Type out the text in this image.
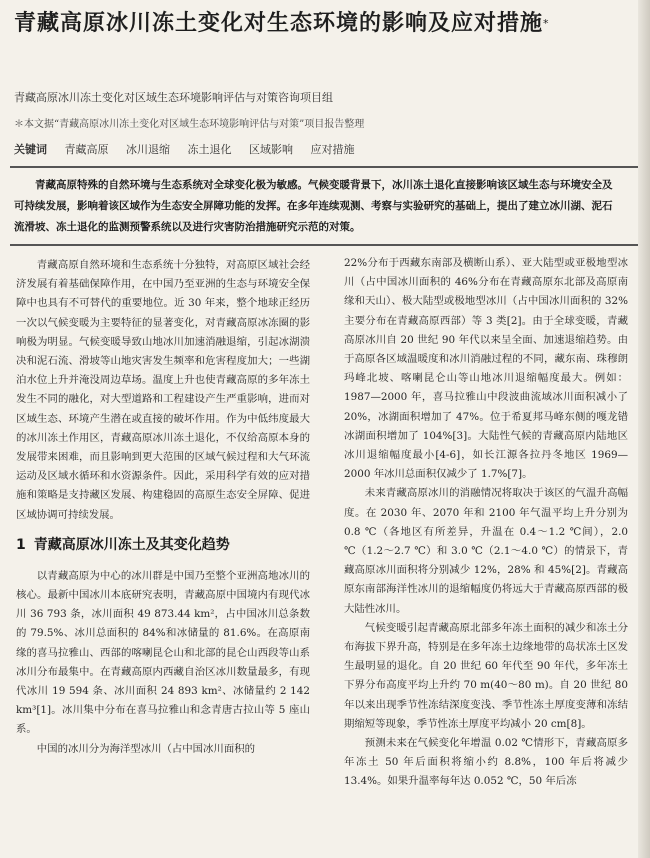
青藏高原冰川冻土变化对生态环境的影响及应对措施*
青藏高原冰川冻土变化对区域生态环境影响评估与对策咨询项目组
＊本文据“青藏高原冰川冻土变化对区域生态环境影响评估与对策”项目报告整理
关键词 青藏高原 冰川退缩 冻土退化 区域影响 应对措施
青藏高原特殊的自然环境与生态系统对全球变化极为敏感。气候变暖背景下，冰川冻土退化直接影响该区域生态与环境安全及可持续发展，影响着该区域作为生态安全屏障功能的发挥。在多年连续观测、考察与实验研究的基础上，提出了建立冰川湖、泥石流滑坡、冻土退化的监测预警系统以及进行灾害防治措施研究示范的对策。

青藏高原自然环境和生态系统十分独特，对高原区域社会经济发展有着基础保障作用，在中国乃至亚洲的生态与环境安全保障中也具有不可替代的重要地位。近 30 年来，整个地球正经历一次以气候变暖为主要特征的显著变化，对青藏高原冰冻圈的影响极为明显。气候变暖导致山地冰川加速消融退缩，引起冰湖溃决和泥石流、滑坡等山地灾害发生频率和危害程度加大；一些湖泊水位上升并淹没周边草场。温度上升也使青藏高原的多年冻土发生不同的融化，对大型道路和工程建设产生严重影响，进而对区域生态、环境产生潜在或直接的破坏作用。作为中低纬度最大的冰川冻土作用区，青藏高原冰川冻土退化，不仅给高原本身的发展带来困难，而且影响到更大范围的区域气候过程和大气环流运动及区域水循环和水资源条件。因此，采用科学有效的应对措施和策略是支持藏区发展、构建稳固的高原生态安全屏障、促进区域协调可持续发展。

1 青藏高原冰川冻土及其变化趋势

以青藏高原为中心的冰川群是中国乃至整个亚洲高地冰川的核心。最新中国冰川本底研究表明，青藏高原中国境内有现代冰川 36 793 条，冰川面积 49 873.44 km²，占中国冰川总条数的 79.5%、冰川总面积的 84%和冰储量的 81.6%。在高原南缘的喜马拉雅山、西部的喀喇昆仑山和北部的昆仑山西段等山系冰川分布最集中。在青藏高原内西藏自治区冰川数量最多，有现代冰川 19 594 条、冰川面积 24 893 km²、冰储量约 2 142 km³[1]。冰川集中分布在喜马拉雅山和念青唐古拉山等 5 座山系。

中国的冰川分为海洋型冰川（占中国冰川面积的

22%分布于西藏东南部及横断山系）、亚大陆型或亚极地型冰川（占中国冰川面积的 46%分布在青藏高原东北部及高原南缘和天山）、极大陆型或极地型冰川（占中国冰川面积的 32%主要分布在青藏高原西部）等 3 类[2]。由于全球变暖，青藏高原冰川自 20 世纪 90 年代以来呈全面、加速退缩趋势。由于高原各区域温暖度和冰川消融过程的不同，藏东南、珠穆朗玛峰北坡、喀喇昆仑山等山地冰川退缩幅度最大。例如：1987—2000 年，喜马拉雅山中段波曲流域冰川面积减小了 20%，冰湖面积增加了 47%。位于希夏邦马峰东侧的嘎龙错冰湖面积增加了 104%[3]。大陆性气候的青藏高原内陆地区冰川退缩幅度最小[4-6]，如长江源各拉丹冬地区 1969—2000 年冰川总面积仅减少了 1.7%[7]。

未来青藏高原冰川的消融情况将取决于该区的气温升高幅度。在 2030 年、2070 年和 2100 年气温平均上升分别为 0.8 ℃（各地区有所差异，升温在 0.4～1.2 ℃间），2.0 ℃（1.2～2.7 ℃）和 3.0 ℃（2.1～4.0 ℃）的情景下，青藏高原冰川面积将分别减少 12%，28% 和 45%[2]。青藏高原东南部海洋性冰川的退缩幅度仍将远大于青藏高原西部的极大陆性冰川。

气候变暖引起青藏高原北部多年冻土面积的减少和冻土分布海拔下界升高，特别是在多年冻土边缘地带的岛状冻土区发生最明显的退化。自 20 世纪 60 年代至 90 年代，多年冻土下界分布高度平均上升约 70 m(40～80 m)。自 20 世纪 80 年以来出现季节性冻结深度变浅、季节性冻土厚度变薄和冻结期缩短等现象，季节性冻土厚度平均减小 20 cm[8]。

预测未来在气候变化年增温 0.02 ℃情形下，青藏高原多年冻土 50 年后面积将缩小约 8.8%，100 年后将减少 13.4%。如果升温率每年达 0.052 ℃，50 年后冻
